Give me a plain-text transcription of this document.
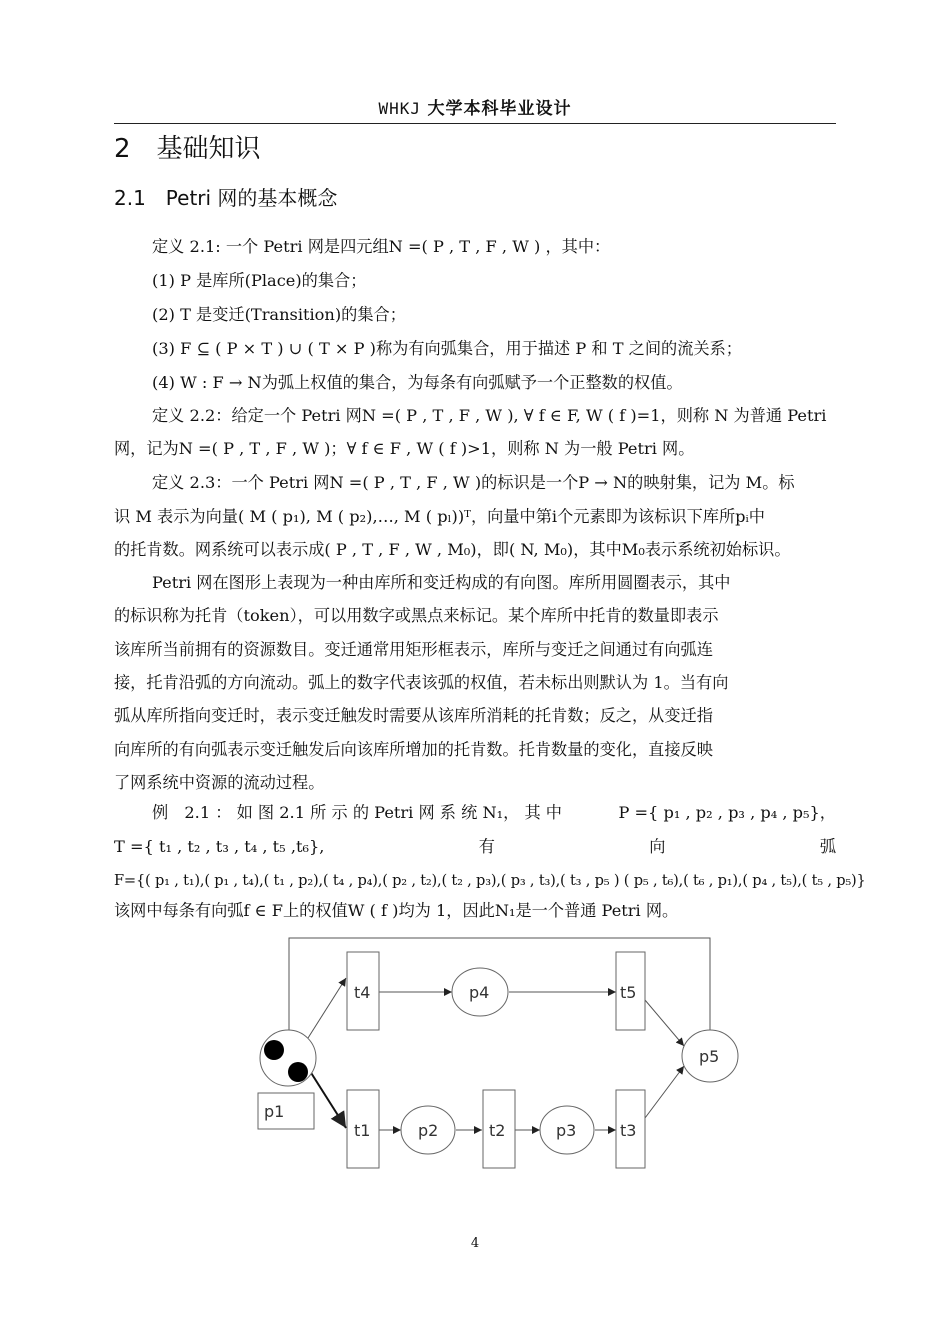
WHKJ 大学本科毕业设计
2　基础知识
2.1　Petri 网的基本概念
定义 2.1: 一个 Petri 网是四元组N =( P , T , F , W ) ，其中：
(1) P 是库所(Place)的集合；
(2) T 是变迁(Transition)的集合；
(3) F ⊆ ( P × T ) ∪ ( T × P )称为有向弧集合，用于描述 P 和 T 之间的流关系；
(4) W : F → N为弧上权值的集合，为每条有向弧赋予一个正整数的权值。
定义 2.2：给定一个 Petri 网N =( P , T , F , W ), ∀ f ∈ F, W ( f )=1，则称 N 为普通 Petri
网，记为N =( P , T , F , W )；∀ f ∈ F , W ( f )>1，则称 N 为一般 Petri 网。
定义 2.3：一个 Petri 网N =( P , T , F , W )的标识是一个P → N的映射集，记为 M。标
识 M 表示为向量( M ( p₁), M ( p₂),…, M ( pₗ))ᵀ，向量中第i个元素即为该标识下库所pᵢ中
的托肯数。网系统可以表示成( P , T , F , W , M₀)，即( N, M₀)，其中M₀表示系统初始标识。
Petri 网在图形上表现为一种由库所和变迁构成的有向图。库所用圆圈表示，其中
的标识称为托肯（token），可以用数字或黑点来标记。某个库所中托肯的数量即表示
该库所当前拥有的资源数目。变迁通常用矩形框表示，库所与变迁之间通过有向弧连
接，托肯沿弧的方向流动。弧上的数字代表该弧的权值，若未标出则默认为 1。当有向
弧从库所指向变迁时，表示变迁触发时需要从该库所消耗的托肯数；反之，从变迁指
向库所的有向弧表示变迁触发后向该库所增加的托肯数。托肯数量的变化，直接反映
了网系统中资源的流动过程。
例　2.1 ： 如 图 2.1 所 示 的 Petri 网 系 统 N₁， 其 中	P ={ p₁ , p₂ , p₃ , p₄ , p₅}，
T ={ t₁ , t₂ , t₃ , t₄ , t₅ ,t₆},	有	向	弧
F={( p₁ , t₁),( p₁ , t₄),( t₁ , p₂),( t₄ , p₄),( p₂ , t₂),( t₂ , p₃),( p₃ , t₃),( t₃ , p₅ ) ( p₅ , t₆),( t₆ , p₁),( p₄ , t₅),( t₅ , p₅)}
该网中每条有向弧f ∈ F上的权值W ( f )均为 1，因此N₁是一个普通 Petri 网。
p1
p2	p3
p4
p5
t1	t2	t3
t4	t5
4
